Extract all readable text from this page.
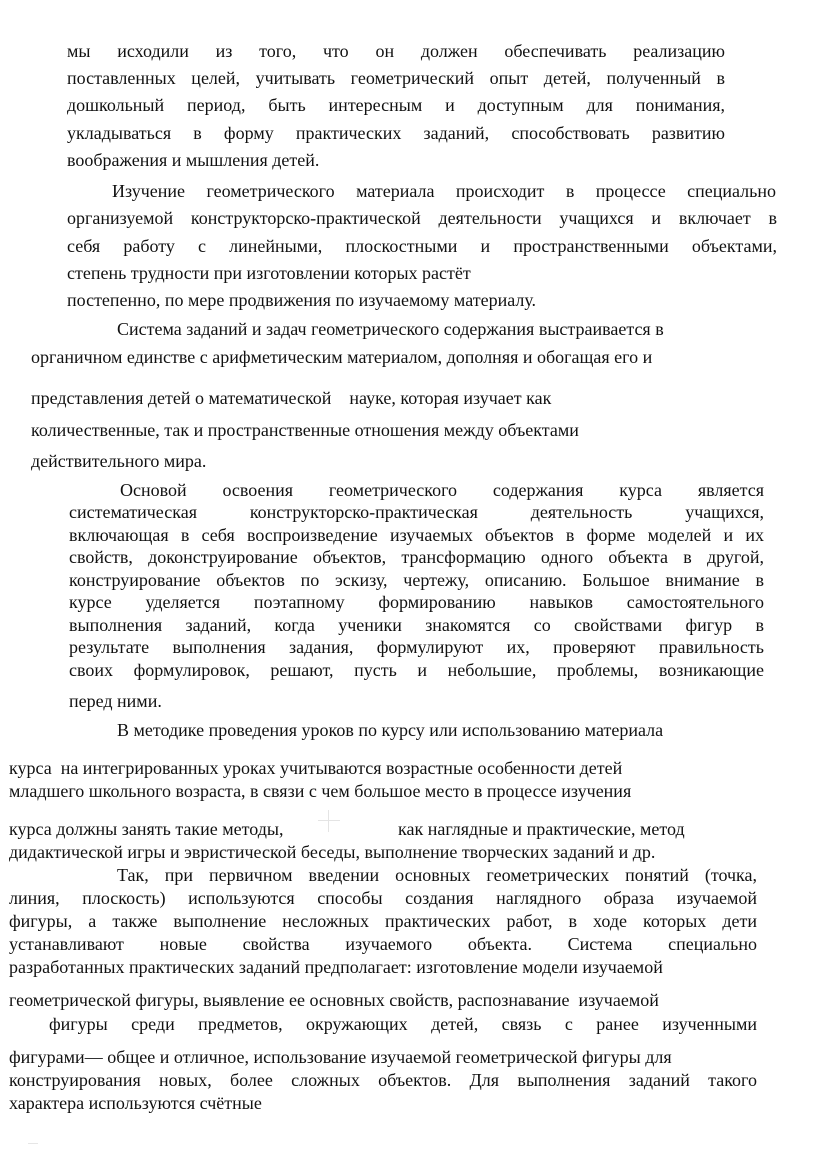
мы исходили из того, что он должен обеспечивать реализацию
поставленных целей, учитывать геометрический опыт детей, полученный в
дошкольный период, быть интересным и доступным для понимания,
укладываться в форму практических заданий, способствовать развитию
воображения и мышления детей.
Изучение геометрического материала происходит в процессе специально
организуемой конструкторско-практической деятельности учащихся и включает в
себя работу с линейными, плоскостными и пространственными объектами,
степень трудности при изготовлении которых растёт
постепенно, по мере продвижения по изучаемому материалу.
Система заданий и задач геометрического содержания выстраивается в
органичном единстве с арифметическим материалом, дополняя и обогащая его и
представления детей о математической    науке, которая изучает как
количественные, так и пространственные отношения между объектами
действительного мира.
Основой освоения геометрического содержания курса является
систематическая конструкторско-практическая деятельность учащихся,
включающая в себя воспроизведение изучаемых объектов в форме моделей и их
свойств, доконструирование объектов, трансформацию одного объекта в другой,
конструирование объектов по эскизу, чертежу, описанию. Большое внимание в
курсе уделяется поэтапному формированию навыков самостоятельного
выполнения заданий, когда ученики знакомятся со свойствами фигур в
результате выполнения задания, формулируют их, проверяют правильность
своих формулировок, решают, пусть и небольшие, проблемы, возникающие
перед ними.
В методике проведения уроков по курсу или использованию материала
курса  на интегрированных уроках учитываются возрастные особенности детей
младшего школьного возраста, в связи с чем большое место в процессе изучения
курса должны занять такие методы,	как наглядные и практические, метод
дидактической игры и эвристической беседы, выполнение творческих заданий и др.
Так, при первичном введении основных геометрических понятий (точка,
линия, плоскость) используются способы создания наглядного образа изучаемой
фигуры, а также выполнение несложных практических работ, в ходе которых дети
устанавливают новые свойства изучаемого объекта. Система специально
разработанных практических заданий предполагает: изготовление модели изучаемой
геометрической фигуры, выявление ее основных свойств, распознавание  изучаемой
фигуры среди предметов, окружающих детей, связь с ранее изученными
фигурами— общее и отличное, использование изучаемой геометрической фигуры для
конструирования новых, более сложных объектов. Для выполнения заданий такого
характера используются счётные
